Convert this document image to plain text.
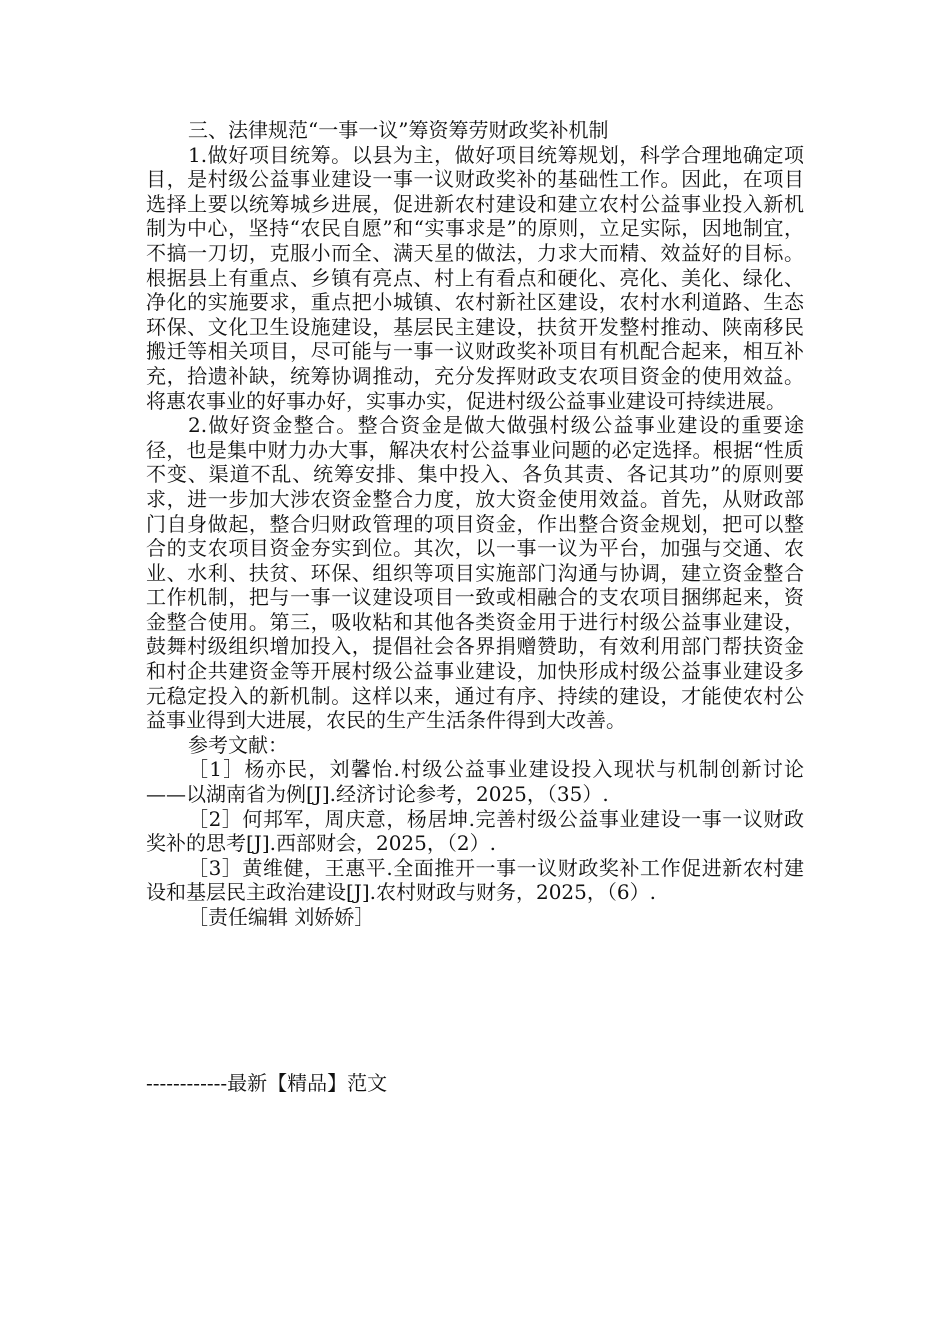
三、法律规范“一事一议”筹资筹劳财政奖补机制

1.做好项目统筹。以县为主，做好项目统筹规划，科学合理地确定项目，是村级公益事业建设一事一议财政奖补的基础性工作。因此，在项目选择上要以统筹城乡进展，促进新农村建设和建立农村公益事业投入新机制为中心，坚持“农民自愿”和“实事求是”的原则，立足实际，因地制宜，不搞一刀切，克服小而全、满天星的做法，力求大而精、效益好的目标。根据县上有重点、乡镇有亮点、村上有看点和硬化、亮化、美化、绿化、净化的实施要求，重点把小城镇、农村新社区建设，农村水利道路、生态环保、文化卫生设施建设，基层民主建设，扶贫开发整村推动、陕南移民搬迁等相关项目，尽可能与一事一议财政奖补项目有机配合起来，相互补充，拾遗补缺，统筹协调推动，充分发挥财政支农项目资金的使用效益。将惠农事业的好事办好，实事办实，促进村级公益事业建设可持续进展。

2.做好资金整合。整合资金是做大做强村级公益事业建设的重要途径，也是集中财力办大事，解决农村公益事业问题的必定选择。根据“性质不变、渠道不乱、统筹安排、集中投入、各负其责、各记其功”的原则要求，进一步加大涉农资金整合力度，放大资金使用效益。首先，从财政部门自身做起，整合归财政管理的项目资金，作出整合资金规划，把可以整合的支农项目资金夯实到位。其次，以一事一议为平台，加强与交通、农业、水利、扶贫、环保、组织等项目实施部门沟通与协调，建立资金整合工作机制，把与一事一议建设项目一致或相融合的支农项目捆绑起来，资金整合使用。第三，吸收粘和其他各类资金用于进行村级公益事业建设，鼓舞村级组织增加投入，提倡社会各界捐赠赞助，有效利用部门帮扶资金和村企共建资金等开展村级公益事业建设，加快形成村级公益事业建设多元稳定投入的新机制。这样以来，通过有序、持续的建设，才能使农村公益事业得到大进展，农民的生产生活条件得到大改善。

参考文献：

［1］杨亦民，刘馨怡.村级公益事业建设投入现状与机制创新讨论——以湖南省为例[J].经济讨论参考，2025，（35）.

［2］何邦军，周庆意，杨居坤.完善村级公益事业建设一事一议财政奖补的思考[J].西部财会，2025，（2）.

［3］黄维健，王惠平.全面推开一事一议财政奖补工作促进新农村建设和基层民主政治建设[J].农村财政与财务，2025，（6）.

［责任编辑 刘娇娇］

------------最新【精品】范文
